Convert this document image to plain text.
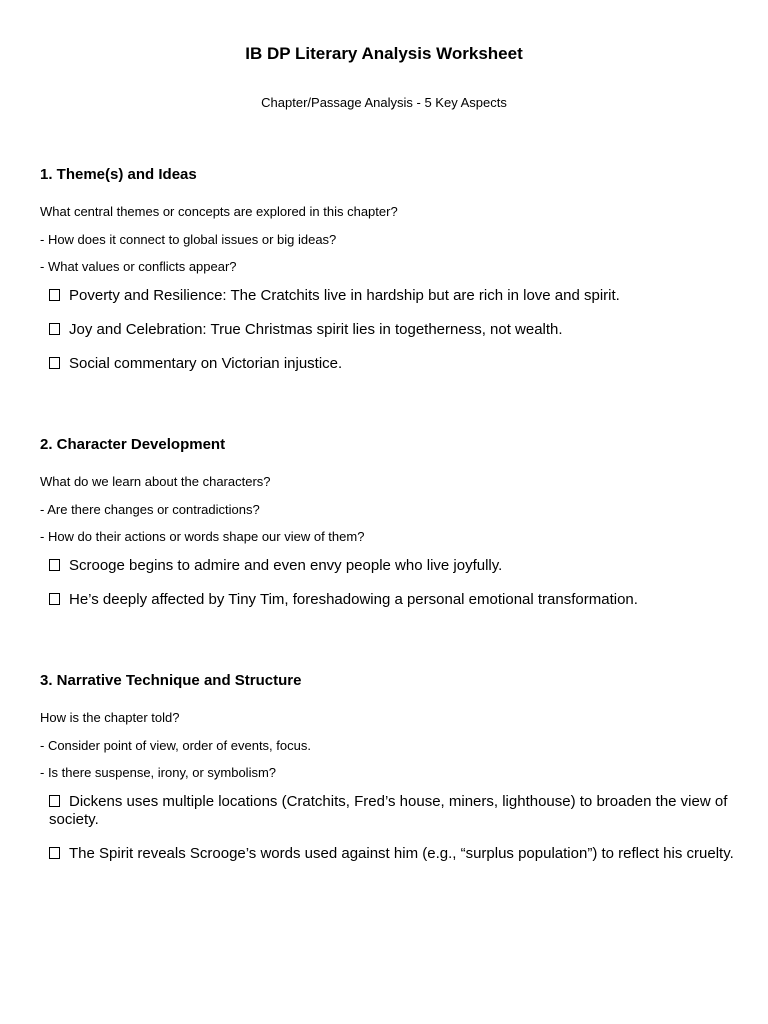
IB DP Literary Analysis Worksheet
Chapter/Passage Analysis - 5 Key Aspects
1. Theme(s) and Ideas
What central themes or concepts are explored in this chapter?
- How does it connect to global issues or big ideas?
- What values or conflicts appear?
Poverty and Resilience: The Cratchits live in hardship but are rich in love and spirit.
Joy and Celebration: True Christmas spirit lies in togetherness, not wealth.
Social commentary on Victorian injustice.
2. Character Development
What do we learn about the characters?
- Are there changes or contradictions?
- How do their actions or words shape our view of them?
Scrooge begins to admire and even envy people who live joyfully.
He’s deeply affected by Tiny Tim, foreshadowing a personal emotional transformation.
3. Narrative Technique and Structure
How is the chapter told?
- Consider point of view, order of events, focus.
- Is there suspense, irony, or symbolism?
Dickens uses multiple locations (Cratchits, Fred’s house, miners, lighthouse) to broaden the view of society.
The Spirit reveals Scrooge’s words used against him (e.g., “surplus population”) to reflect his cruelty.
